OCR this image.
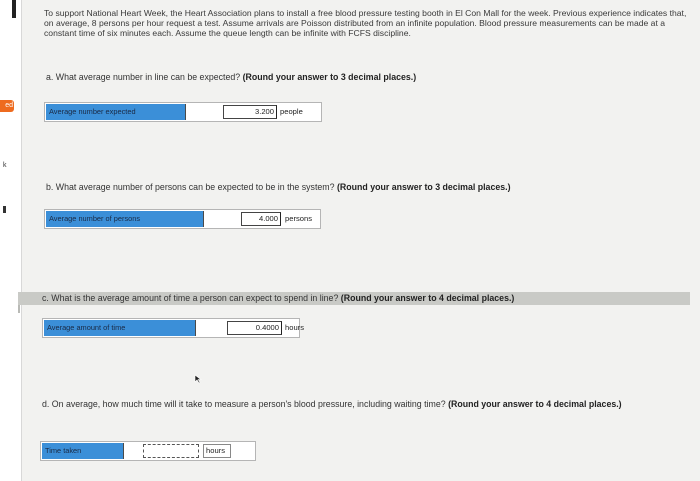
ed
k
To support National Heart Week, the Heart Association plans to install a free blood pressure testing booth in El Con Mall for the week. Previous experience indicates that, on average, 8 persons per hour request a test. Assume arrivals are Poisson distributed from an infinite population. Blood pressure measurements can be made at a constant time of six minutes each. Assume the queue length can be infinite with FCFS discipline.
a. What average number in line can be expected? (Round your answer to 3 decimal places.)
Average number expected	3.200 people
b. What average number of persons can be expected to be in the system? (Round your answer to 3 decimal places.)
Average number of persons	4.000 persons
c. What is the average amount of time a person can expect to spend in line? (Round your answer to 4 decimal places.)
Average amount of time	0.4000 hours
d. On average, how much time will it take to measure a person's blood pressure, including waiting time? (Round your answer to 4 decimal places.)
Time taken	hours
